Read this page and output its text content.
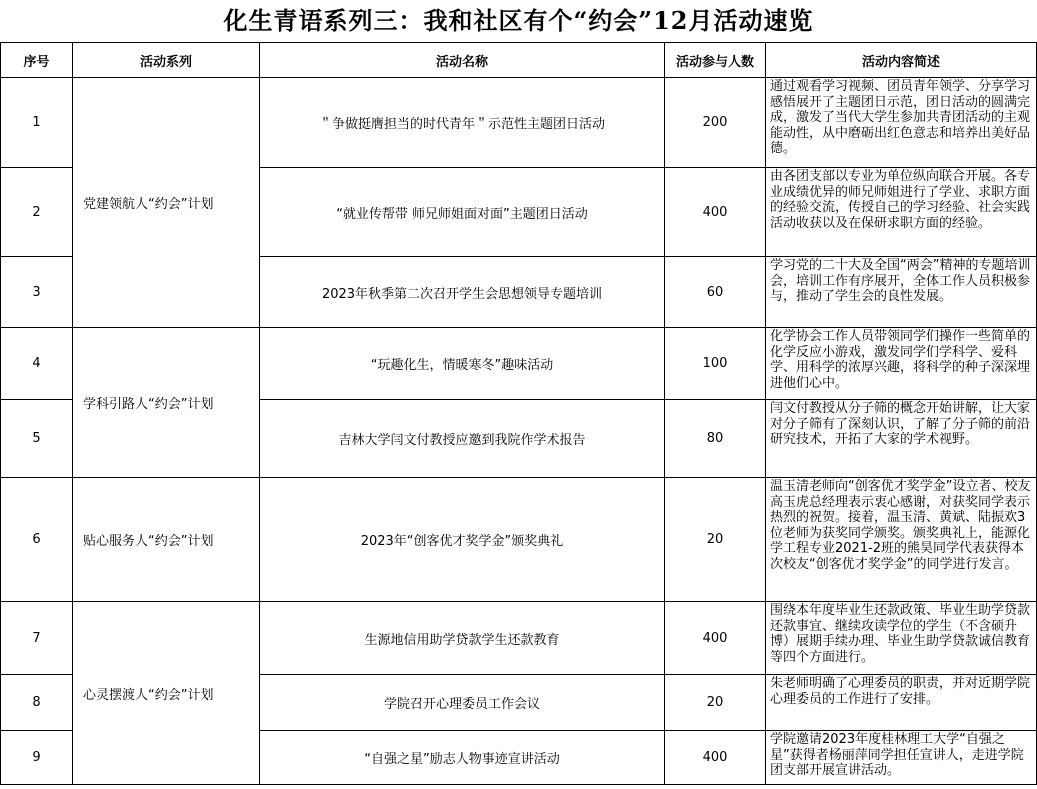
化生青语系列三：我和社区有个“约会”12月活动速览
序号	活动系列	活动名称	活动参与人数	活动内容简述
1	党建领航人“约会”计划	＂争做挺膺担当的时代青年＂示范性主题团日活动	200	通过观看学习视频、团员青年领学、分享学习感悟展开了主题团日示范，团日活动的圆满完成，激发了当代大学生参加共青团活动的主观能动性，从中磨砺出红色意志和培养出美好品德。
2		“就业传帮带 师兄师姐面对面”主题团日活动	400	由各团支部以专业为单位纵向联合开展。各专业成绩优异的师兄师姐进行了学业、求职方面的经验交流，传授自己的学习经验、社会实践活动收获以及在保研求职方面的经验。
3		2023年秋季第二次召开学生会思想领导专题培训	60	学习党的二十大及全国“两会”精神的专题培训会，培训工作有序展开，全体工作人员积极参与，推动了学生会的良性发展。
4	学科引路人“约会”计划	“玩趣化生，情暖寒冬”趣味活动	100	化学协会工作人员带领同学们操作一些简单的化学反应小游戏，激发同学们学科学、爱科学、用科学的浓厚兴趣，将科学的种子深深埋进他们心中。
5		吉林大学闫文付教授应邀到我院作学术报告	80	闫文付教授从分子筛的概念开始讲解，让大家对分子筛有了深刻认识，了解了分子筛的前沿研究技术，开拓了大家的学术视野。
6	贴心服务人“约会”计划	2023年“创客优才奖学金”颁奖典礼	20	温玉清老师向“创客优才奖学金”设立者、校友高玉虎总经理表示衷心感谢，对获奖同学表示热烈的祝贺。接着，温玉清、黄斌、陆振欢3位老师为获奖同学颁奖。颁奖典礼上，能源化学工程专业2021-2班的熊昊同学代表获得本次校友“创客优才奖学金”的同学进行发言。
7	心灵摆渡人“约会”计划	生源地信用助学贷款学生还款教育	400	围绕本年度毕业生还款政策、毕业生助学贷款还款事宜、继续攻读学位的学生（不含硕升博）展期手续办理、毕业生助学贷款诚信教育等四个方面进行。
8		学院召开心理委员工作会议	20	朱老师明确了心理委员的职责，并对近期学院心理委员的工作进行了安排。
9		“自强之星”励志人物事迹宣讲活动	400	学院邀请2023年度桂林理工大学“自强之星”获得者杨丽萍同学担任宣讲人，走进学院团支部开展宣讲活动。
